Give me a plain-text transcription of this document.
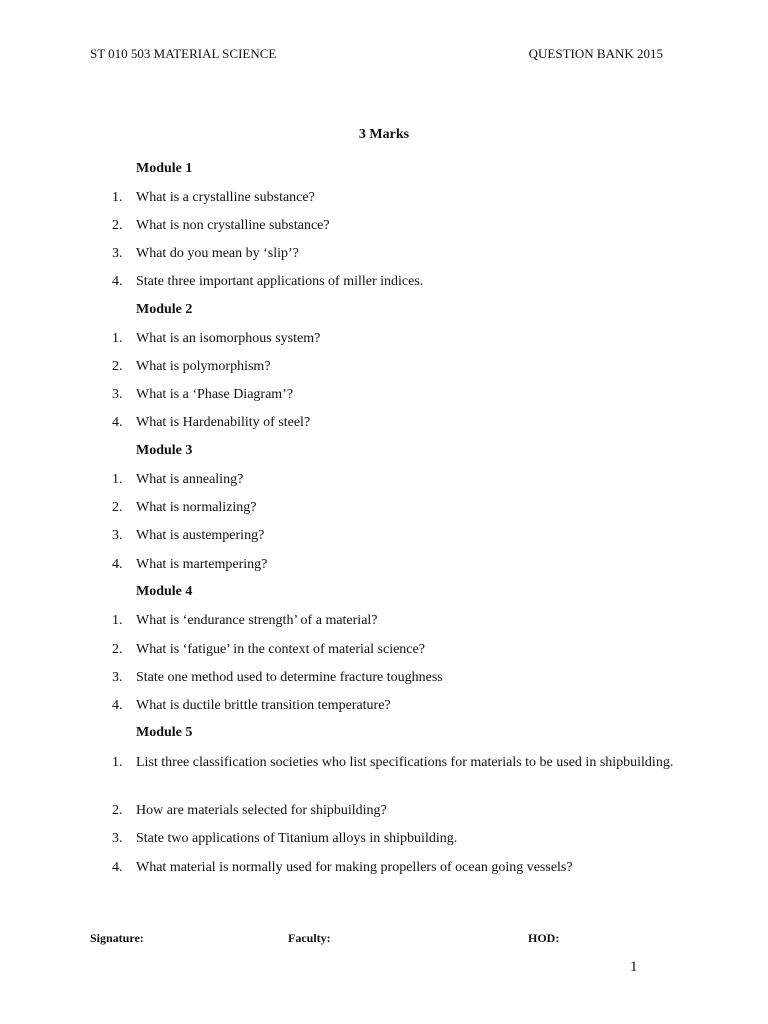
ST 010 503 MATERIAL SCIENCE	QUESTION BANK 2015
3 Marks
Module 1
1. What is a crystalline substance?
2. What is non crystalline substance?
3. What do you mean by ‘slip’?
4. State three important applications of miller indices.
Module 2
1. What is an isomorphous system?
2. What is polymorphism?
3. What is a ‘Phase Diagram’?
4. What is Hardenability of steel?
Module 3
1. What is annealing?
2. What is normalizing?
3. What is austempering?
4. What is martempering?
Module 4
1. What is ‘endurance strength’ of a material?
2. What is ‘fatigue’ in the context of material science?
3. State one method used to determine fracture toughness
4. What is ductile brittle transition temperature?
Module 5
1. List three classification societies who list specifications for materials to be used in shipbuilding.
2. How are materials selected for shipbuilding?
3. State two applications of Titanium alloys in shipbuilding.
4. What material is normally used for making propellers of ocean going vessels?
Signature:	Faculty:	HOD:
1
